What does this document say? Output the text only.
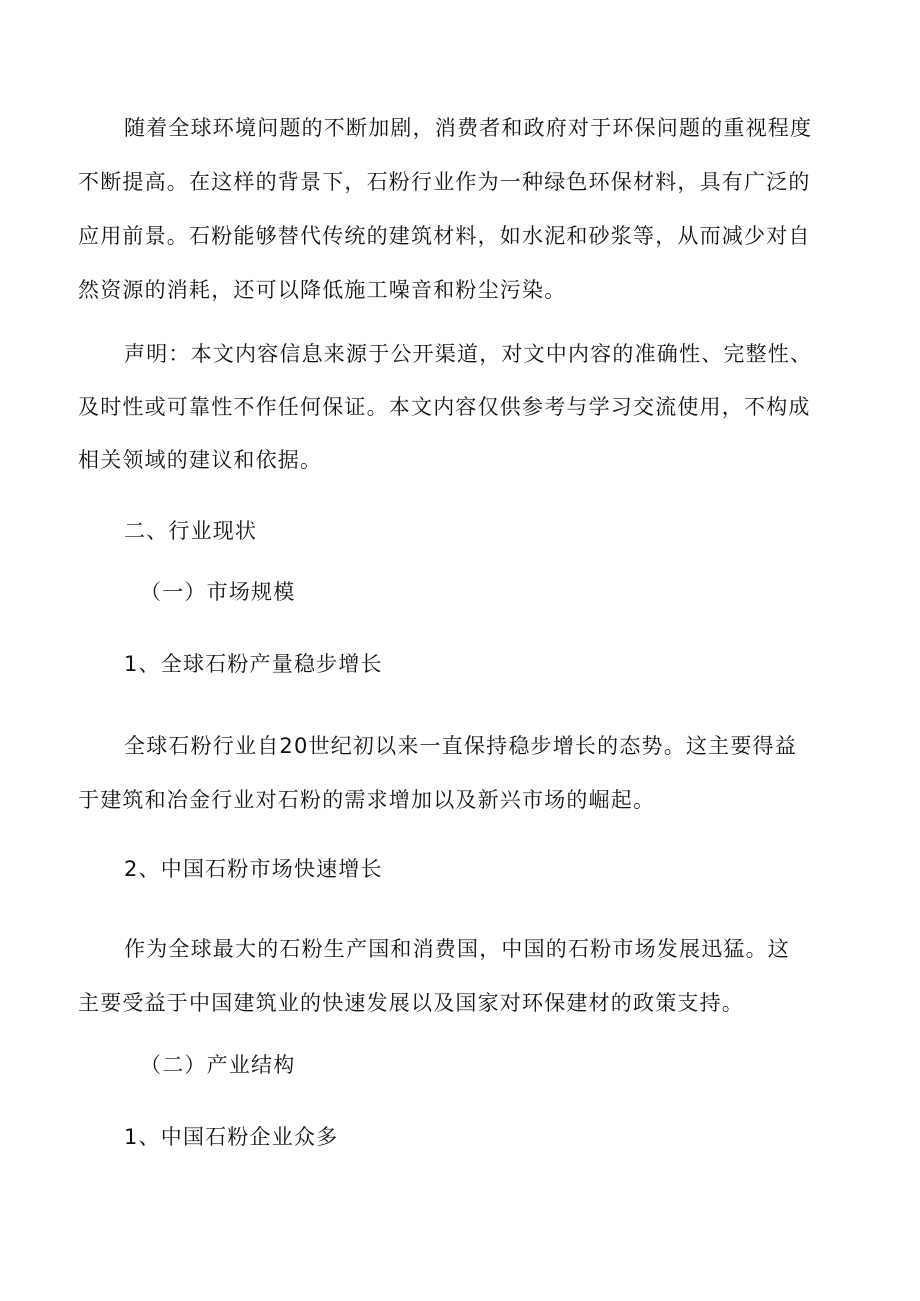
随着全球环境问题的不断加剧，消费者和政府对于环保问题的重视程度
不断提高。在这样的背景下，石粉行业作为一种绿色环保材料，具有广泛的
应用前景。石粉能够替代传统的建筑材料，如水泥和砂浆等，从而减少对自
然资源的消耗，还可以降低施工噪音和粉尘污染。
声明：本文内容信息来源于公开渠道，对文中内容的准确性、完整性、
及时性或可靠性不作任何保证。本文内容仅供参考与学习交流使用，不构成
相关领域的建议和依据。
二、行业现状
（一）市场规模
1、全球石粉产量稳步增长
全球石粉行业自20世纪初以来一直保持稳步增长的态势。这主要得益
于建筑和冶金行业对石粉的需求增加以及新兴市场的崛起。
2、中国石粉市场快速增长
作为全球最大的石粉生产国和消费国，中国的石粉市场发展迅猛。这
主要受益于中国建筑业的快速发展以及国家对环保建材的政策支持。
（二）产业结构
1、中国石粉企业众多
